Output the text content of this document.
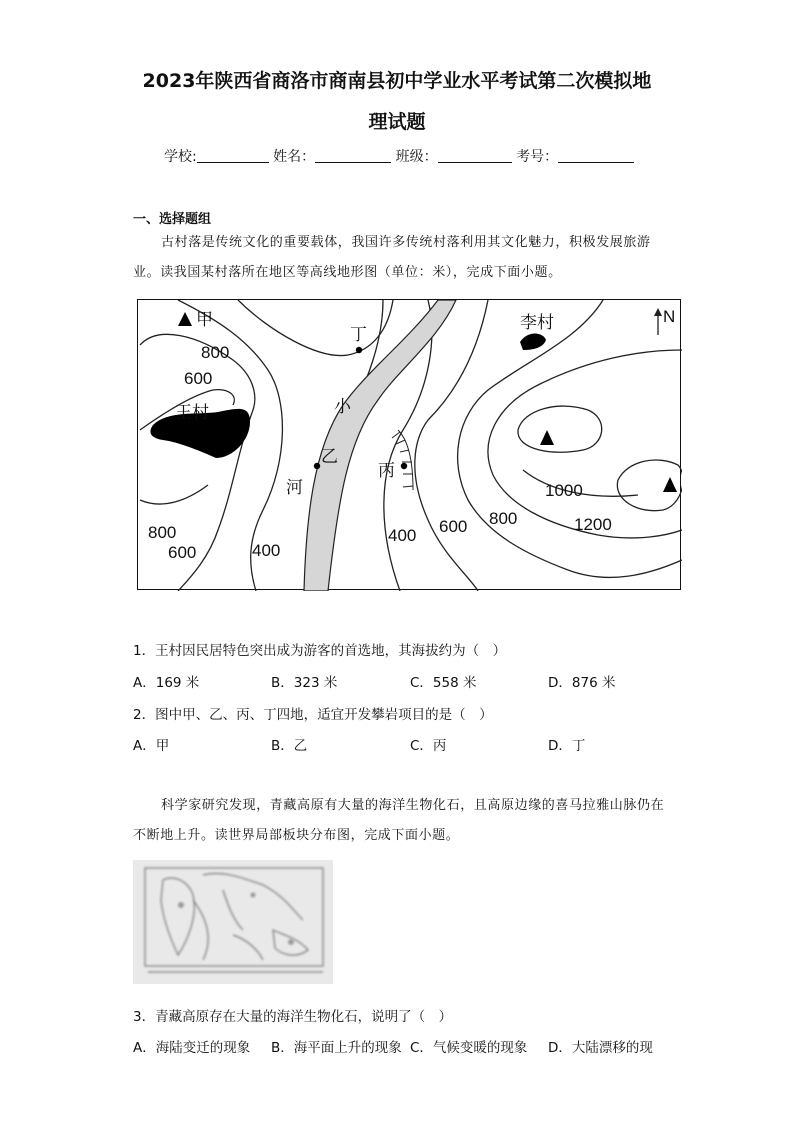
2023年陕西省商洛市商南县初中学业水平考试第二次模拟地
理试题
学校:	姓名：	班级：	考号：
一、选择题组
古村落是传统文化的重要载体，我国许多传统村落利用其文化魅力，积极发展旅游业。读我国某村落所在地区等高线地形图（单位：米），完成下面小题。
甲
丁
乙
丙
王村
李村
小
河
N
800
600
800
600	400
400 600 800
1000
1200
1．王村因民居特色突出成为游客的首选地，其海拔约为（　）
A．169 米	B．323 米	C．558 米	D．876 米
2．图中甲、乙、丙、丁四地，适宜开发攀岩项目的是（　）
A．甲	B．乙	C．丙	D．丁
科学家研究发现，青藏高原有大量的海洋生物化石，且高原边缘的喜马拉雅山脉仍在不断地上升。读世界局部板块分布图，完成下面小题。
3．青藏高原存在大量的海洋生物化石，说明了（　）
A．海陆变迁的现象 B．海平面上升的现象 C．气候变暖的现象 D．大陆漂移的现
